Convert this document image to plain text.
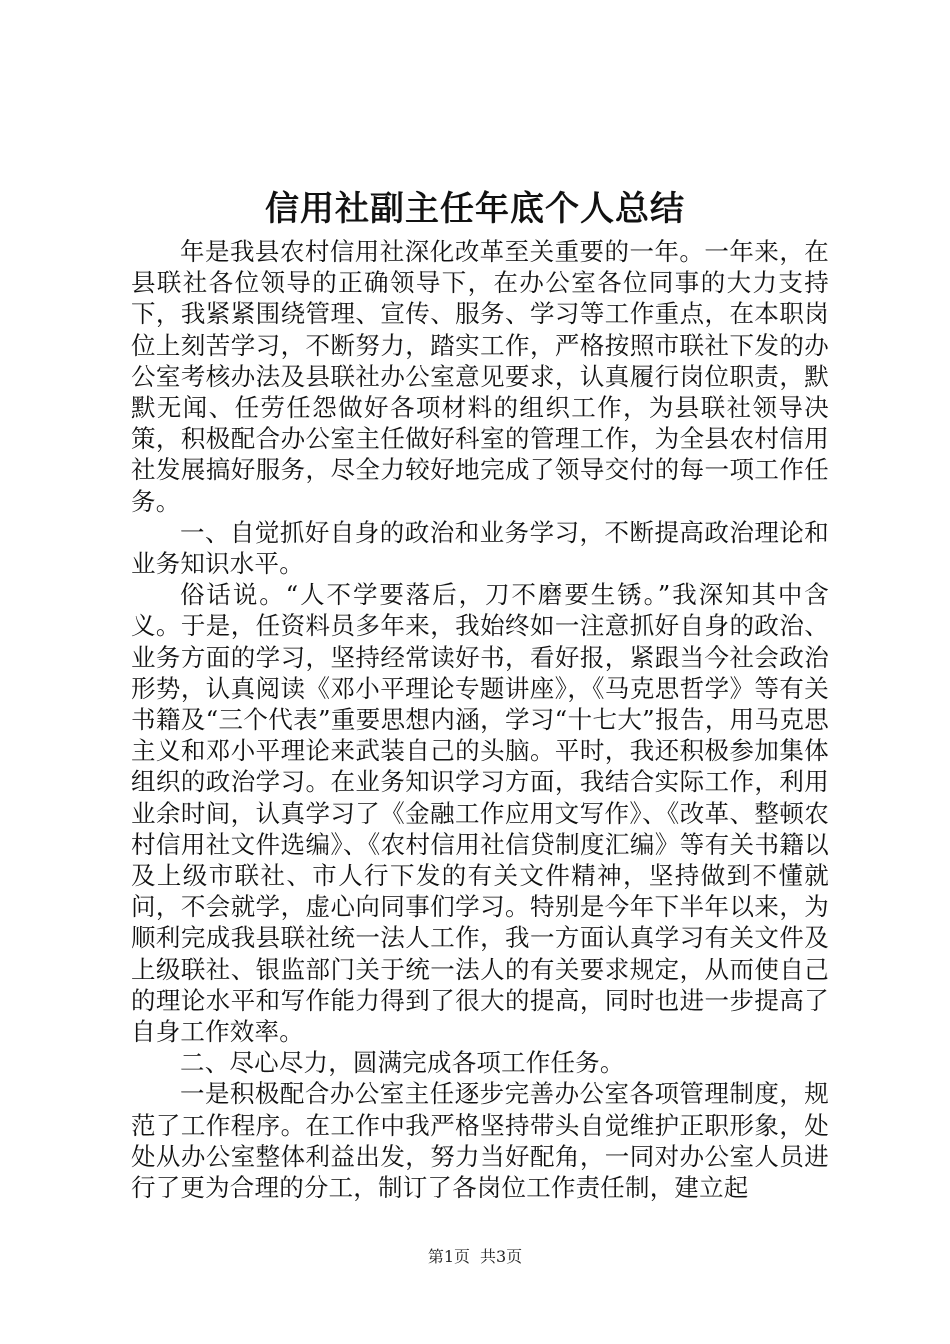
信用社副主任年底个人总结

年是我县农村信用社深化改革至关重要的一年。一年来，在县联社各位领导的正确领导下，在办公室各位同事的大力支持下，我紧紧围绕管理、宣传、服务、学习等工作重点，在本职岗位上刻苦学习，不断努力，踏实工作，严格按照市联社下发的办公室考核办法及县联社办公室意见要求，认真履行岗位职责，默默无闻、任劳任怨做好各项材料的组织工作，为县联社领导决策，积极配合办公室主任做好科室的管理工作，为全县农村信用社发展搞好服务，尽全力较好地完成了领导交付的每一项工作任务。

一、自觉抓好自身的政治和业务学习，不断提高政治理论和业务知识水平。

俗话说。“人不学要落后，刀不磨要生锈。”我深知其中含义。于是，任资料员多年来，我始终如一注意抓好自身的政治、业务方面的学习，坚持经常读好书，看好报，紧跟当今社会政治形势，认真阅读《邓小平理论专题讲座》，《马克思哲学》等有关书籍及“三个代表”重要思想内涵，学习“十七大”报告，用马克思主义和邓小平理论来武装自己的头脑。平时，我还积极参加集体组织的政治学习。在业务知识学习方面，我结合实际工作，利用业余时间，认真学习了《金融工作应用文写作》、《改革、整顿农村信用社文件选编》、《农村信用社信贷制度汇编》等有关书籍以及上级市联社、市人行下发的有关文件精神，坚持做到不懂就问，不会就学，虚心向同事们学习。特别是今年下半年以来，为顺利完成我县联社统一法人工作，我一方面认真学习有关文件及上级联社、银监部门关于统一法人的有关要求规定，从而使自己的理论水平和写作能力得到了很大的提高，同时也进一步提高了自身工作效率。

二、尽心尽力，圆满完成各项工作任务。

一是积极配合办公室主任逐步完善办公室各项管理制度，规范了工作程序。在工作中我严格坚持带头自觉维护正职形象，处处从办公室整体利益出发，努力当好配角，一同对办公室人员进行了更为合理的分工，制订了各岗位工作责任制，建立起

第1页 共3页
